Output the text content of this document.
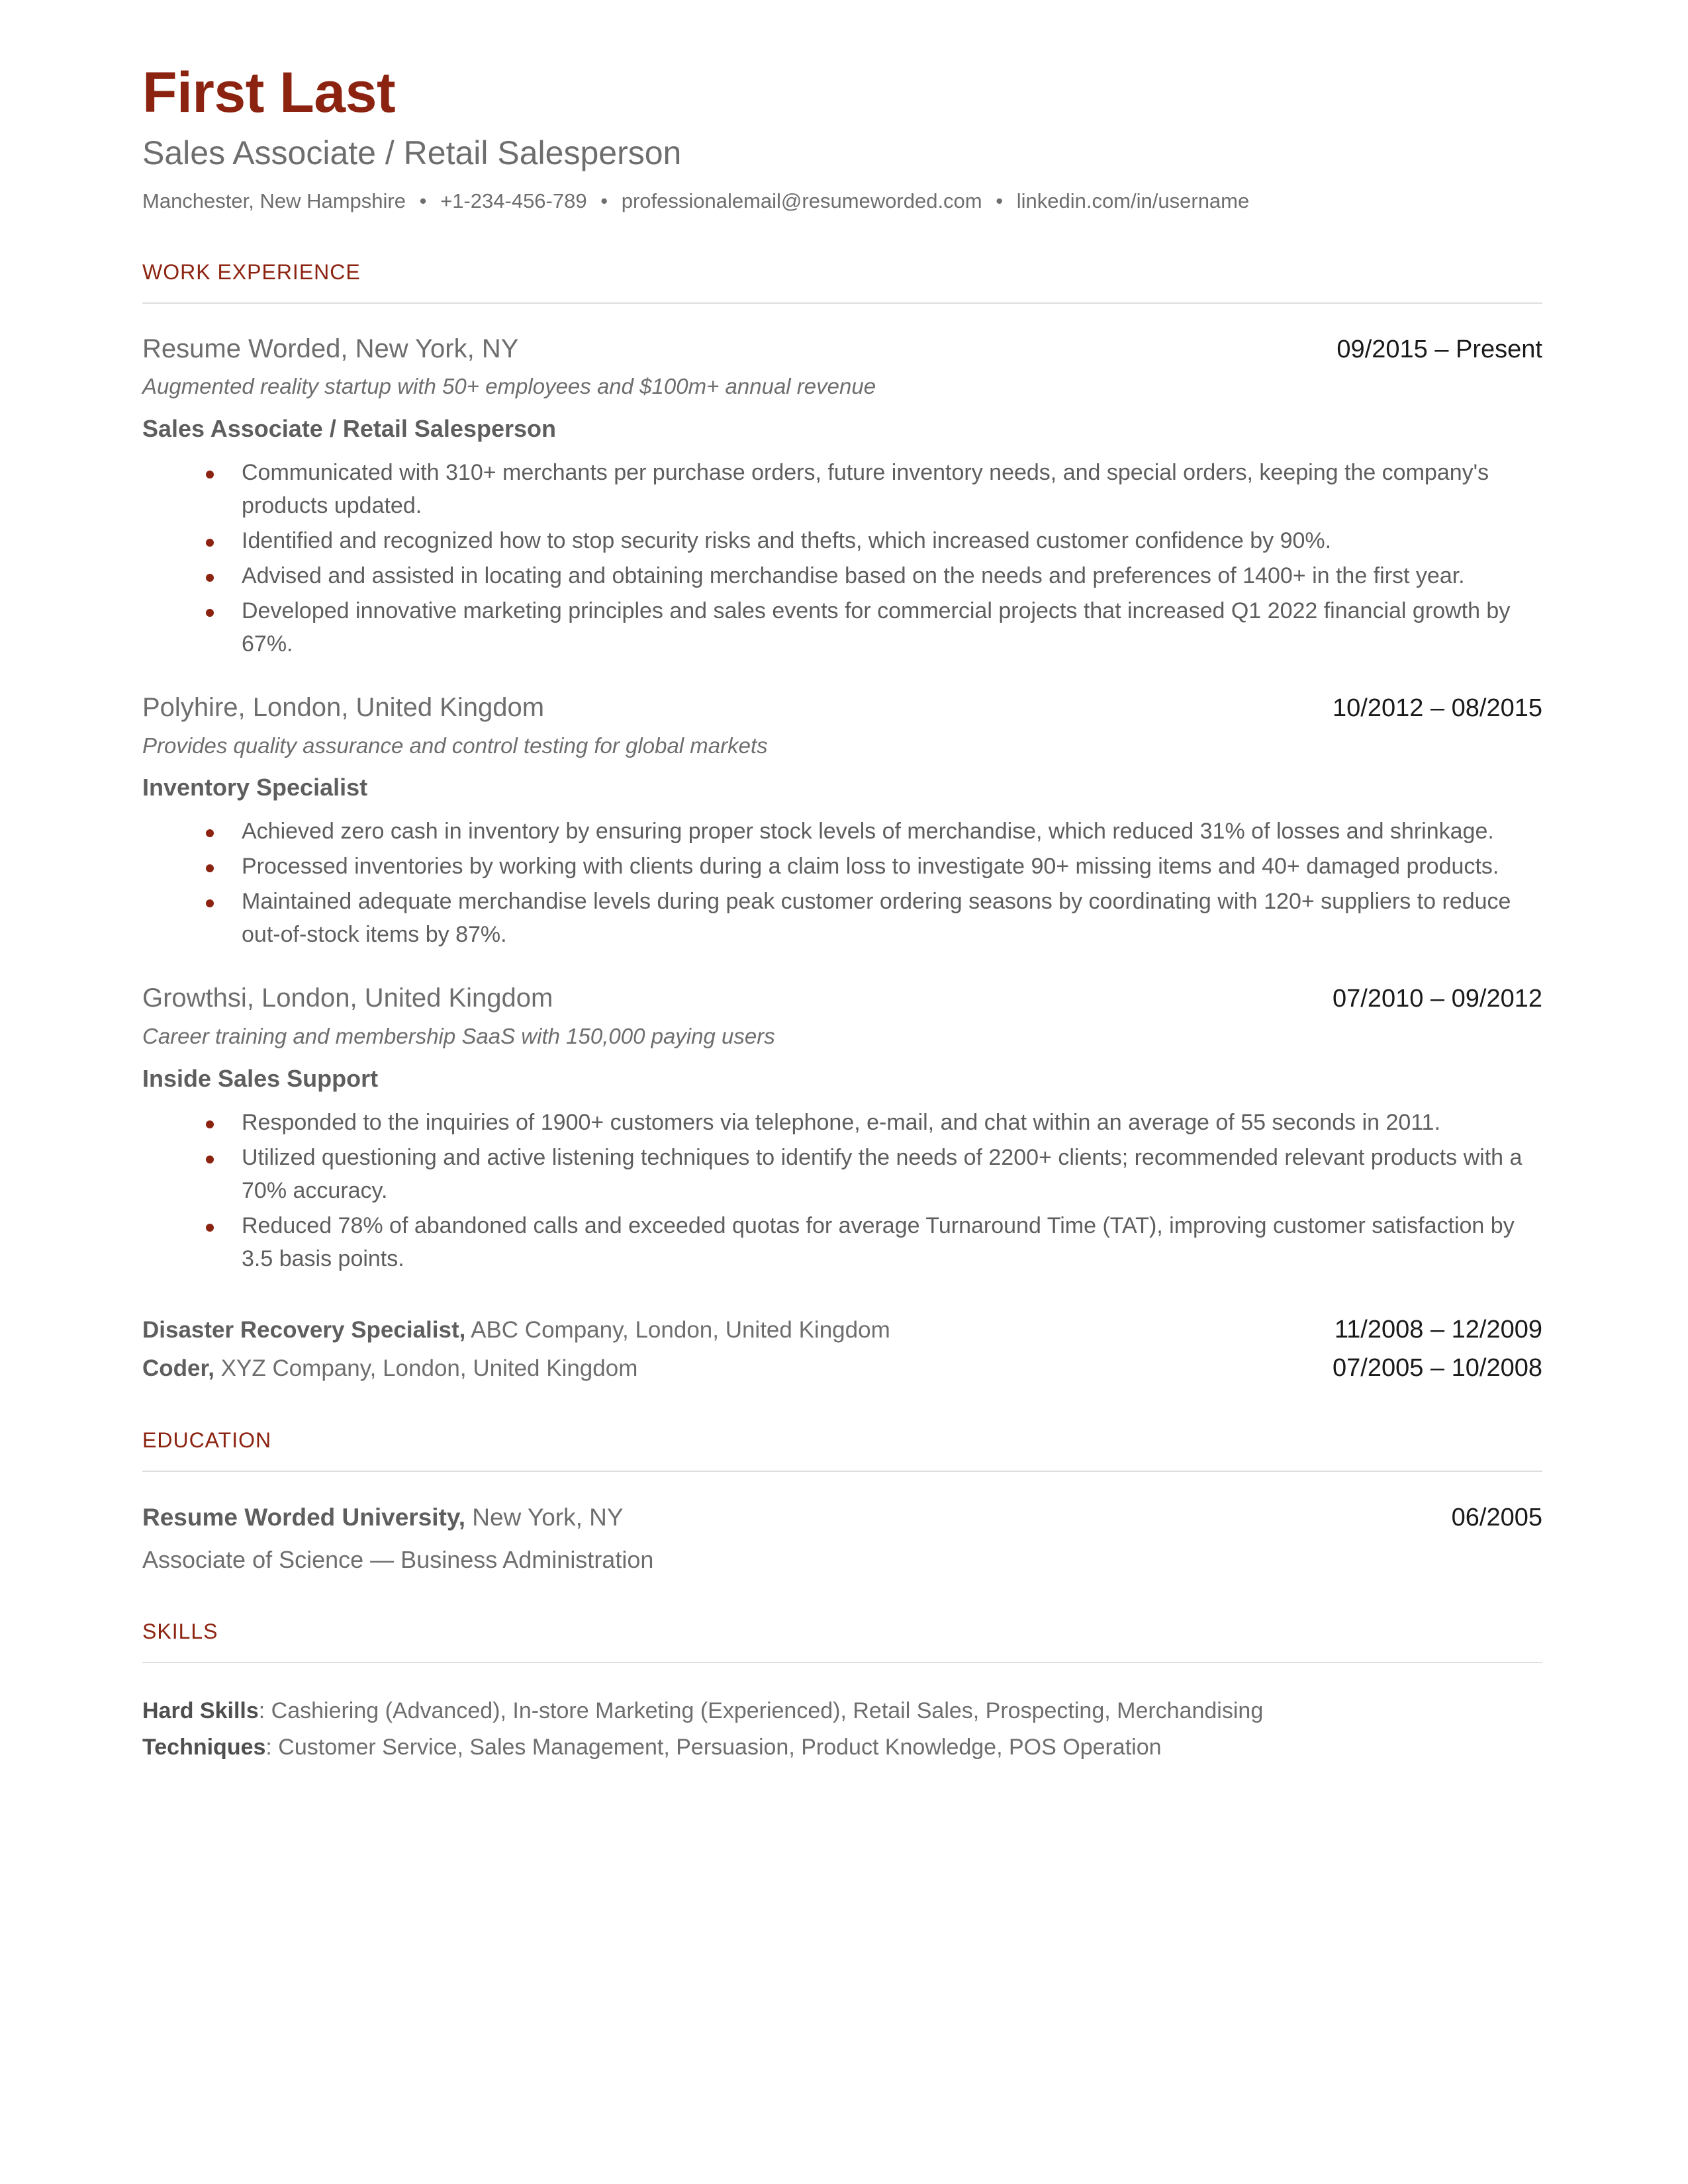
First Last
Sales Associate / Retail Salesperson
Manchester, New Hampshire • +1-234-456-789 • professionalemail@resumeworded.com • linkedin.com/in/username
WORK EXPERIENCE
Resume Worded, New York, NY	09/2015 – Present
Augmented reality startup with 50+ employees and $100m+ annual revenue
Sales Associate / Retail Salesperson
Communicated with 310+ merchants per purchase orders, future inventory needs, and special orders, keeping the company's products updated.
Identified and recognized how to stop security risks and thefts, which increased customer confidence by 90%.
Advised and assisted in locating and obtaining merchandise based on the needs and preferences of 1400+ in the first year.
Developed innovative marketing principles and sales events for commercial projects that increased Q1 2022 financial growth by 67%.
Polyhire, London, United Kingdom	10/2012 – 08/2015
Provides quality assurance and control testing for global markets
Inventory Specialist
Achieved zero cash in inventory by ensuring proper stock levels of merchandise, which reduced 31% of losses and shrinkage.
Processed inventories by working with clients during a claim loss to investigate 90+ missing items and 40+ damaged products.
Maintained adequate merchandise levels during peak customer ordering seasons by coordinating with 120+ suppliers to reduce out-of-stock items by 87%.
Growthsi, London, United Kingdom	07/2010 – 09/2012
Career training and membership SaaS with 150,000 paying users
Inside Sales Support
Responded to the inquiries of 1900+ customers via telephone, e-mail, and chat within an average of 55 seconds in 2011.
Utilized questioning and active listening techniques to identify the needs of 2200+ clients; recommended relevant products with a 70% accuracy.
Reduced 78% of abandoned calls and exceeded quotas for average Turnaround Time (TAT), improving customer satisfaction by 3.5 basis points.
Disaster Recovery Specialist, ABC Company, London, United Kingdom	11/2008 – 12/2009
Coder, XYZ Company, London, United Kingdom	07/2005 – 10/2008
EDUCATION
Resume Worded University, New York, NY	06/2005
Associate of Science — Business Administration
SKILLS
Hard Skills: Cashiering (Advanced), In-store Marketing (Experienced), Retail Sales, Prospecting, Merchandising
Techniques: Customer Service, Sales Management, Persuasion, Product Knowledge, POS Operation
